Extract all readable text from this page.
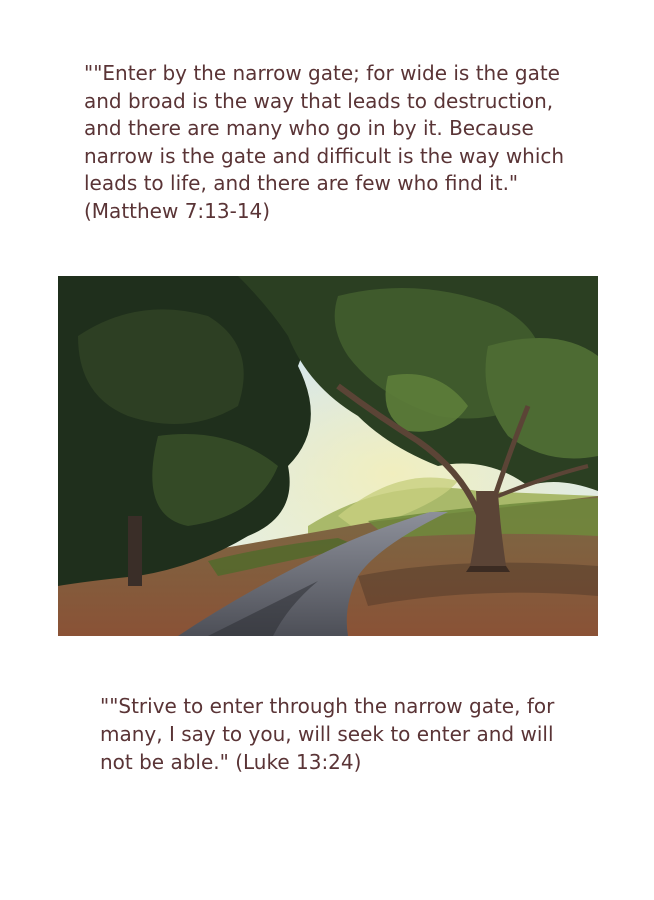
""Enter by the narrow gate; for wide is the gate and broad is the way that leads to destruction, and there are many who go in by it. Because narrow is the gate and difficult is the way which leads to life, and there are few who find it." (Matthew 7:13-14)

""Strive to enter through the narrow gate, for many, I say to you, will seek to enter and will not be able." (Luke 13:24)
